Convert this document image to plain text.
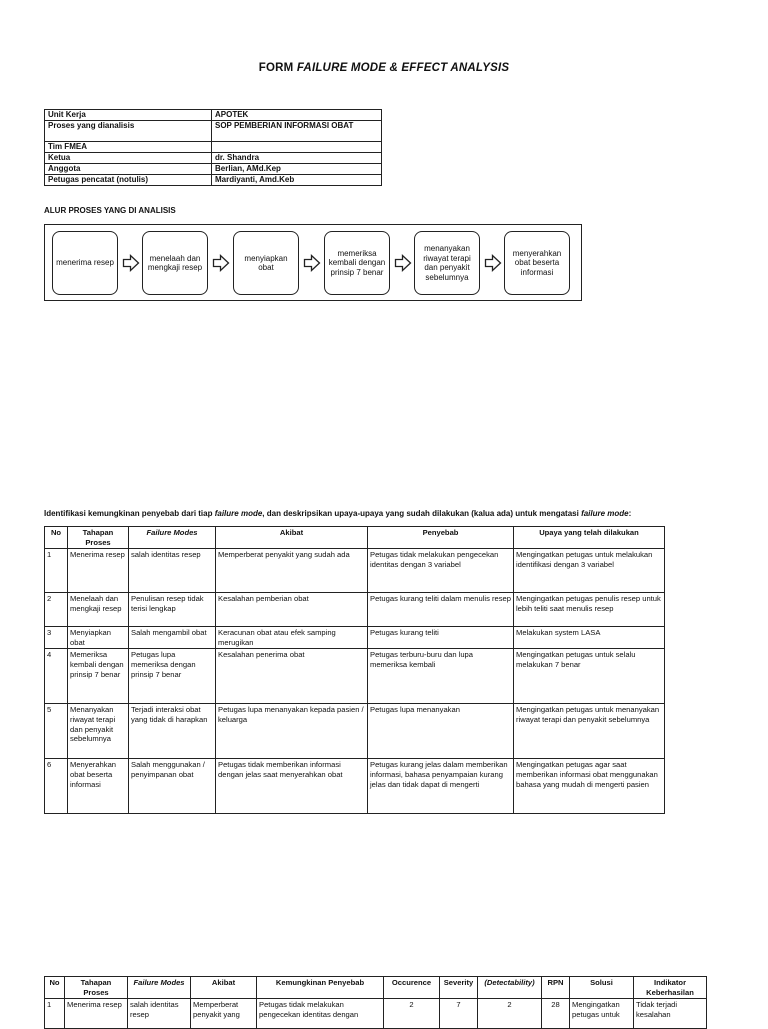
FORM FAILURE MODE & EFFECT ANALYSIS
Unit Kerja	APOTEK
Proses yang dianalisis	SOP PEMBERIAN INFORMASI OBAT
Tim FMEA	
Ketua	dr. Shandra
Anggota	Berlian, AMd.Kep
Petugas pencatat (notulis)	Mardiyanti, Amd.Keb
ALUR PROSES YANG DI ANALISIS
menerima resep
menelaah dan mengkaji resep
menyiapkan obat
memeriksa kembali dengan prinsip 7 benar
menanyakan riwayat terapi dan penyakit sebelumnya
menyerahkan obat beserta informasi
Identifikasi kemungkinan penyebab dari tiap failure mode, dan deskripsikan upaya-upaya yang sudah dilakukan (kalua ada) untuk mengatasi failure mode:
No	Tahapan Proses	Failure Modes	Akibat	Penyebab	Upaya yang telah dilakukan
1	Menerima resep	salah identitas resep	Memperberat penyakit yang sudah ada	Petugas tidak melakukan pengecekan identitas dengan 3 variabel	Mengingatkan petugas untuk melakukan identifikasi dengan 3 variabel
2	Menelaah dan mengkaji resep	Penulisan resep tidak terisi lengkap	Kesalahan pemberian obat	Petugas kurang teliti dalam menulis resep	Mengingatkan petugas penulis resep untuk lebih teliti saat menulis resep
3	Menyiapkan obat	Salah mengambil obat	Keracunan obat atau efek samping merugikan	Petugas kurang teliti	Melakukan system LASA
4	Memeriksa kembali dengan prinsip 7 benar	Petugas lupa memeriksa dengan prinsip 7 benar	Kesalahan penerima obat	Petugas terburu-buru dan lupa memeriksa kembali	Mengingatkan petugas untuk selalu melakukan 7 benar
5	Menanyakan riwayat terapi dan penyakit sebelumnya	Terjadi interaksi obat yang tidak di harapkan	Petugas lupa menanyakan kepada pasien / keluarga	Petugas lupa menanyakan	Mengingatkan petugas untuk menanyakan riwayat terapi dan penyakit sebelumnya
6	Menyerahkan obat beserta informasi	Salah menggunakan / penyimpanan obat	Petugas tidak memberikan informasi dengan jelas saat menyerahkan obat	Petugas kurang jelas dalam memberikan informasi, bahasa penyampaian kurang jelas dan tidak dapat di mengerti	Mengingatkan petugas agar saat memberikan informasi obat menggunakan bahasa yang mudah di mengerti pasien
No	Tahapan Proses	Failure Modes	Akibat	Kemungkinan Penyebab	Occurence	Severity	(Detectability)	RPN	Solusi	Indikator Keberhasilan
1	Menerima resep	salah identitas resep	Memperberat penyakit yang	Petugas tidak melakukan pengecekan identitas dengan	2	7	2	28	Mengingatkan petugas untuk	Tidak terjadi kesalahan
